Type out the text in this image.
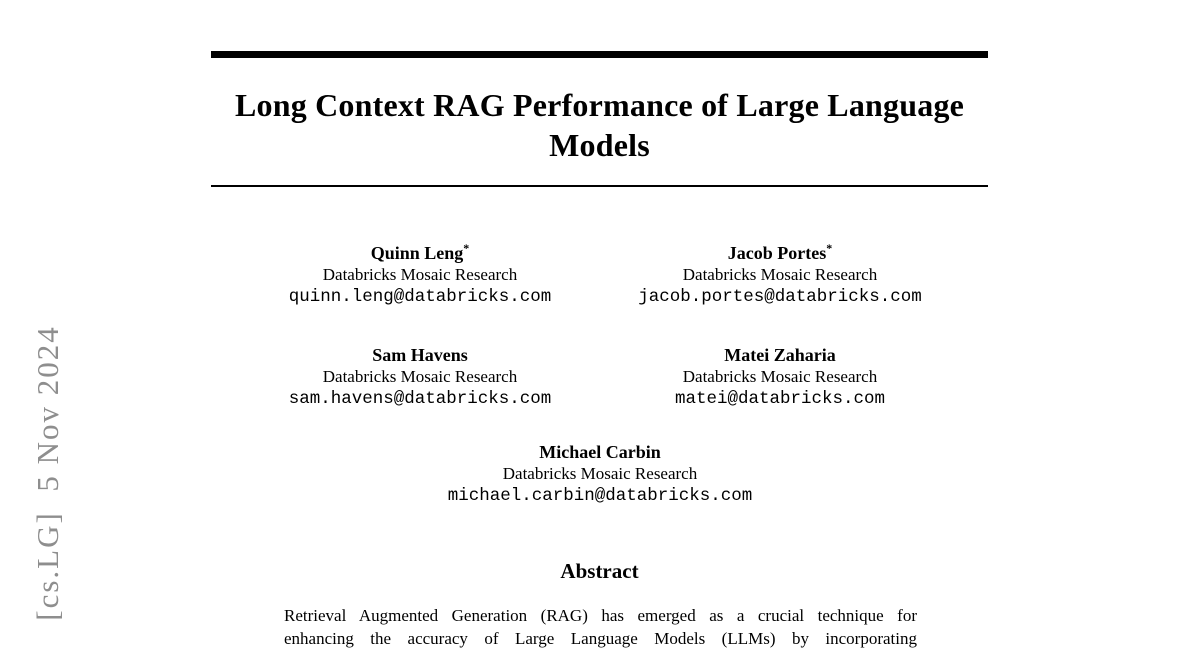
[cs.LG]  5 Nov 2024
Long Context RAG Performance of Large Language
Models
Quinn Leng*
Databricks Mosaic Research
quinn.leng@databricks.com
Jacob Portes*
Databricks Mosaic Research
jacob.portes@databricks.com
Sam Havens
Databricks Mosaic Research
sam.havens@databricks.com
Matei Zaharia
Databricks Mosaic Research
matei@databricks.com
Michael Carbin
Databricks Mosaic Research
michael.carbin@databricks.com
Abstract
Retrieval Augmented Generation (RAG) has emerged as a crucial technique for
enhancing the accuracy of Large Language Models (LLMs) by incorporating
